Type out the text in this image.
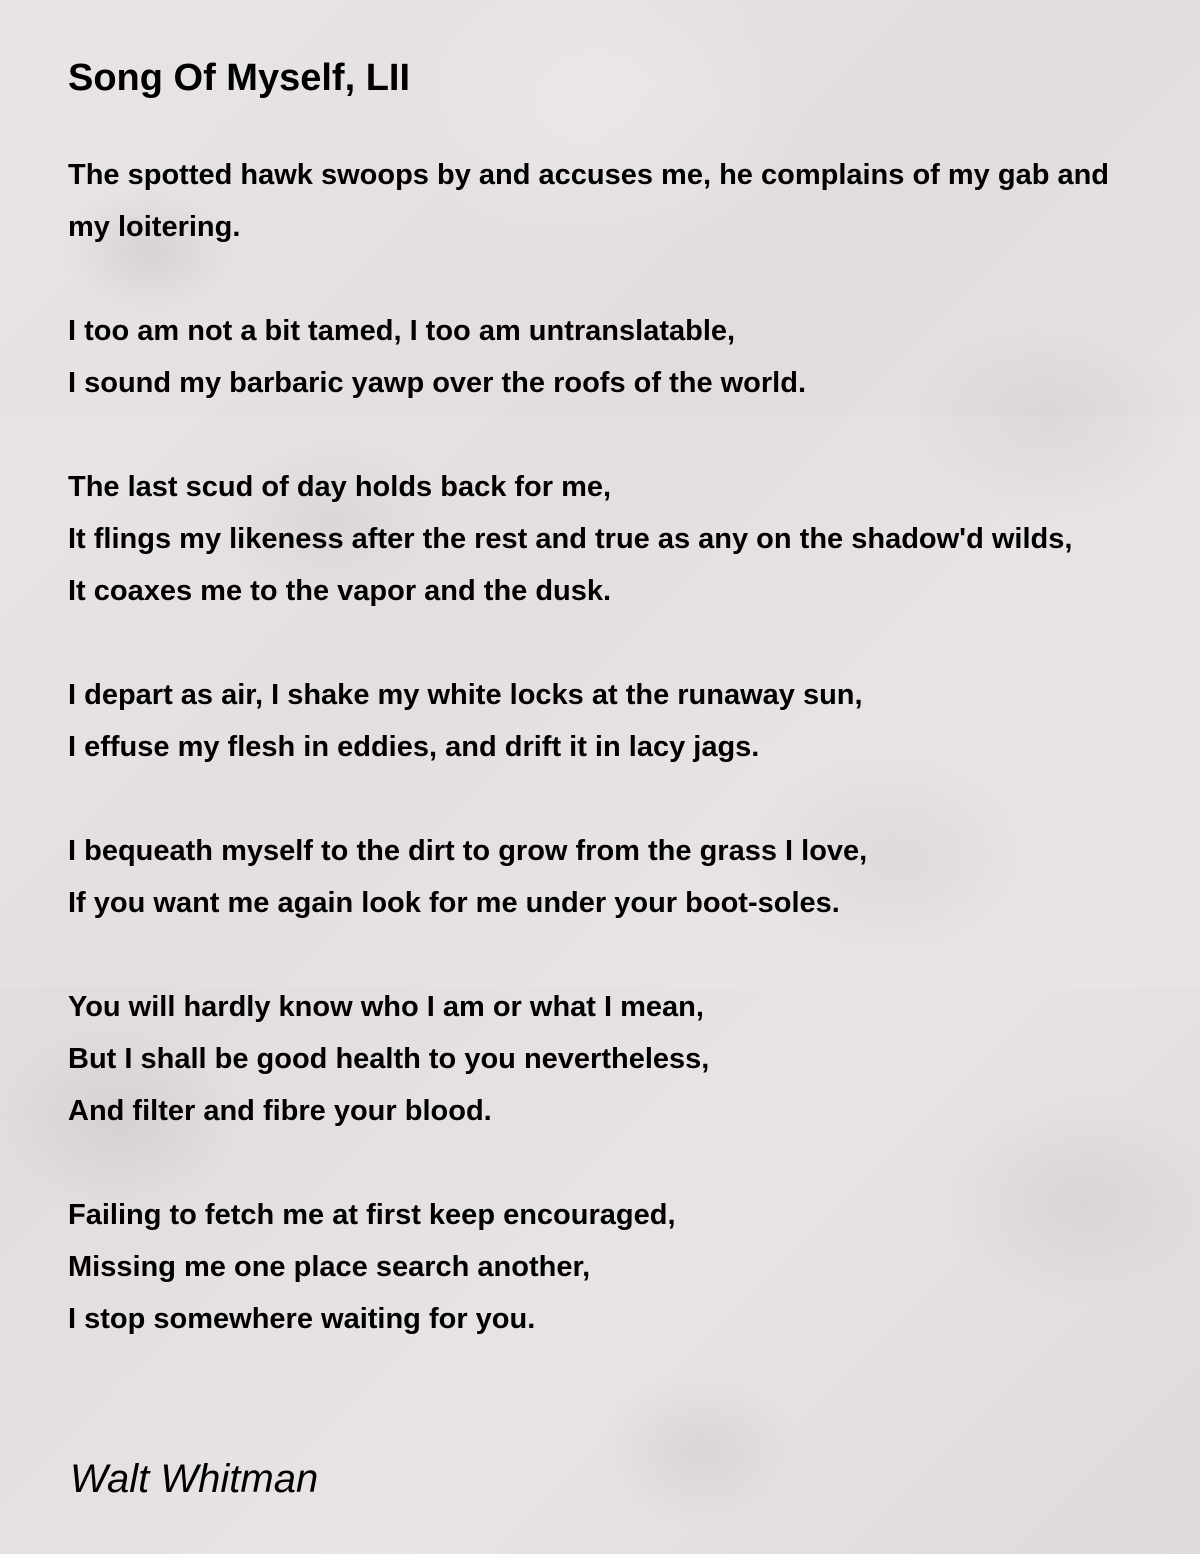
Song Of Myself, LII

The spotted hawk swoops by and accuses me, he complains of my gab and my loitering.

I too am not a bit tamed, I too am untranslatable,
I sound my barbaric yawp over the roofs of the world.

The last scud of day holds back for me,
It flings my likeness after the rest and true as any on the shadow'd wilds,
It coaxes me to the vapor and the dusk.

I depart as air, I shake my white locks at the runaway sun,
I effuse my flesh in eddies, and drift it in lacy jags.

I bequeath myself to the dirt to grow from the grass I love,
If you want me again look for me under your boot-soles.

You will hardly know who I am or what I mean,
But I shall be good health to you nevertheless,
And filter and fibre your blood.

Failing to fetch me at first keep encouraged,
Missing me one place search another,
I stop somewhere waiting for you.

Walt Whitman
